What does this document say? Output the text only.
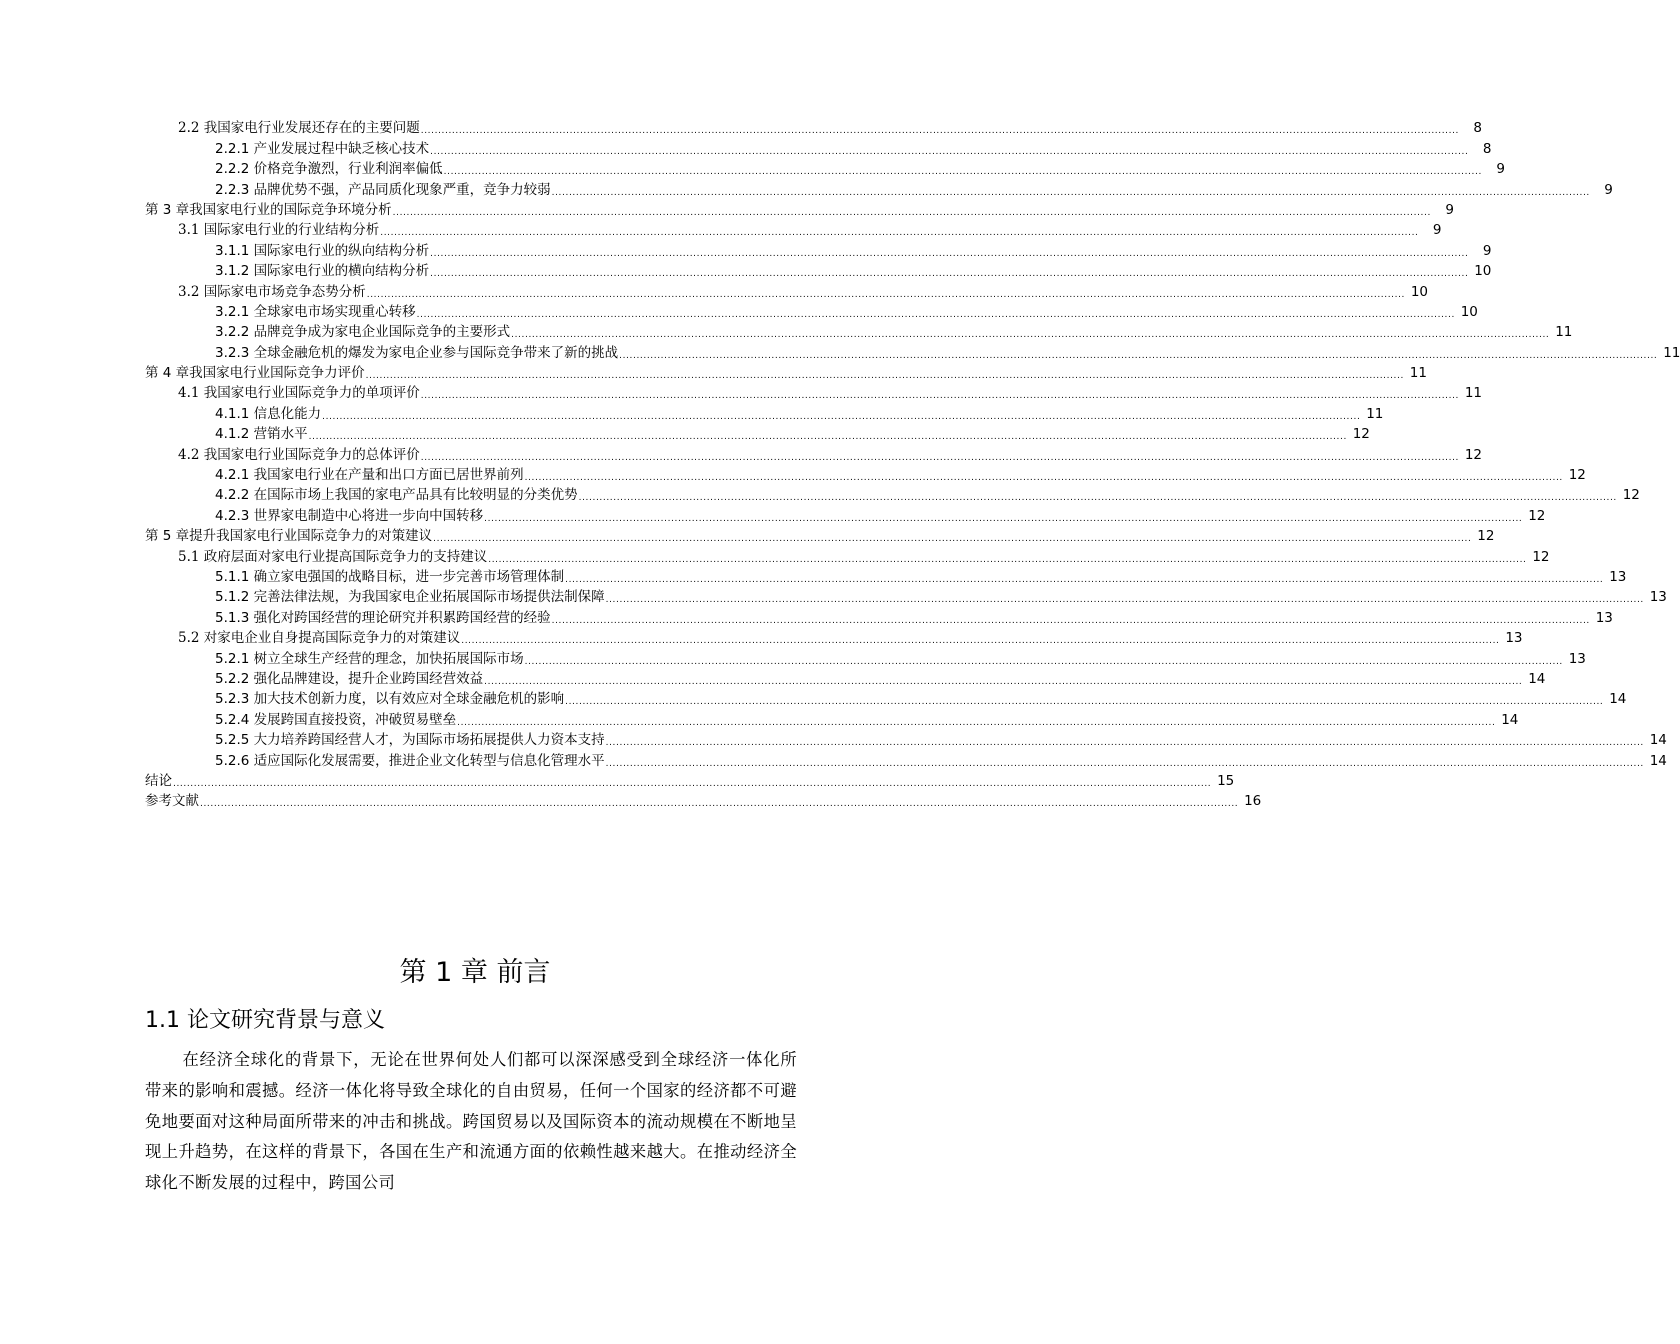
2.2 我国家电行业发展还存在的主要问题 ............................................................................................................................................................................................................................................................................................................	8
2.2.1 产业发展过程中缺乏核心技术 ............................................................................................................................................................................................................................................................................................................	8
2.2.2 价格竞争激烈，行业利润率偏低 ............................................................................................................................................................................................................................................................................................................	9
2.2.3 品牌优势不强，产品同质化现象严重，竞争力较弱 ............................................................................................................................................................................................................................................................................................................	9
第 3 章我国家电行业的国际竞争环境分析 ............................................................................................................................................................................................................................................................................................................	9
3.1 国际家电行业的行业结构分析 ............................................................................................................................................................................................................................................................................................................	9
3.1.1 国际家电行业的纵向结构分析 ............................................................................................................................................................................................................................................................................................................	9
3.1.2 国际家电行业的横向结构分析 ............................................................................................................................................................................................................................................................................................................ 10
3.2 国际家电市场竞争态势分析 ............................................................................................................................................................................................................................................................................................................ 10
3.2.1 全球家电市场实现重心转移 ............................................................................................................................................................................................................................................................................................................ 10
3.2.2 品牌竞争成为家电企业国际竞争的主要形式 ............................................................................................................................................................................................................................................................................................................ 11
3.2.3 全球金融危机的爆发为家电企业参与国际竞争带来了新的挑战 ............................................................................................................................................................................................................................................................................................................ 11
第 4 章我国家电行业国际竞争力评价 ............................................................................................................................................................................................................................................................................................................ 11
4.1 我国家电行业国际竞争力的单项评价 ............................................................................................................................................................................................................................................................................................................ 11
4.1.1 信息化能力 ............................................................................................................................................................................................................................................................................................................ 11
4.1.2 营销水平 ............................................................................................................................................................................................................................................................................................................ 12
4.2 我国家电行业国际竞争力的总体评价 ............................................................................................................................................................................................................................................................................................................ 12
4.2.1 我国家电行业在产量和出口方面已居世界前列 ............................................................................................................................................................................................................................................................................................................ 12
4.2.2 在国际市场上我国的家电产品具有比较明显的分类优势 ............................................................................................................................................................................................................................................................................................................ 12
4.2.3 世界家电制造中心将进一步向中国转移 ............................................................................................................................................................................................................................................................................................................ 12
第 5 章提升我国家电行业国际竞争力的对策建议 ............................................................................................................................................................................................................................................................................................................ 12
5.1 政府层面对家电行业提高国际竞争力的支持建议 ............................................................................................................................................................................................................................................................................................................ 12
5.1.1 确立家电强国的战略目标，进一步完善市场管理体制 ............................................................................................................................................................................................................................................................................................................ 13
5.1.2 完善法律法规，为我国家电企业拓展国际市场提供法制保障 ............................................................................................................................................................................................................................................................................................................ 13
5.1.3 强化对跨国经营的理论研究并积累跨国经营的经验 ............................................................................................................................................................................................................................................................................................................ 13
5.2 对家电企业自身提高国际竞争力的对策建议 ............................................................................................................................................................................................................................................................................................................ 13
5.2.1 树立全球生产经营的理念，加快拓展国际市场 ............................................................................................................................................................................................................................................................................................................ 13
5.2.2 强化品牌建设，提升企业跨国经营效益 ............................................................................................................................................................................................................................................................................................................ 14
5.2.3 加大技术创新力度，以有效应对全球金融危机的影响 ............................................................................................................................................................................................................................................................................................................ 14
5.2.4 发展跨国直接投资，冲破贸易壁垒 ............................................................................................................................................................................................................................................................................................................ 14
5.2.5 大力培养跨国经营人才，为国际市场拓展提供人力资本支持 ............................................................................................................................................................................................................................................................................................................ 14
5.2.6 适应国际化发展需要，推进企业文化转型与信息化管理水平 ............................................................................................................................................................................................................................................................................................................ 14
结论 ............................................................................................................................................................................................................................................................................................................ 15
参考文献 ............................................................................................................................................................................................................................................................................................................ 16
第 1 章 前言
1.1 论文研究背景与意义

在经济全球化的背景下，无论在世界何处人们都可以深深感受到全球经济一体化所带来的影响和震撼。经济一体化将导致全球化的自由贸易，任何一个国家的经济都不可避免地要面对这种局面所带来的冲击和挑战。跨国贸易以及国际资本的流动规模在不断地呈现上升趋势，在这样的背景下，各国在生产和流通方面的依赖性越来越大。在推动经济全球化不断发展的过程中，跨国公司
